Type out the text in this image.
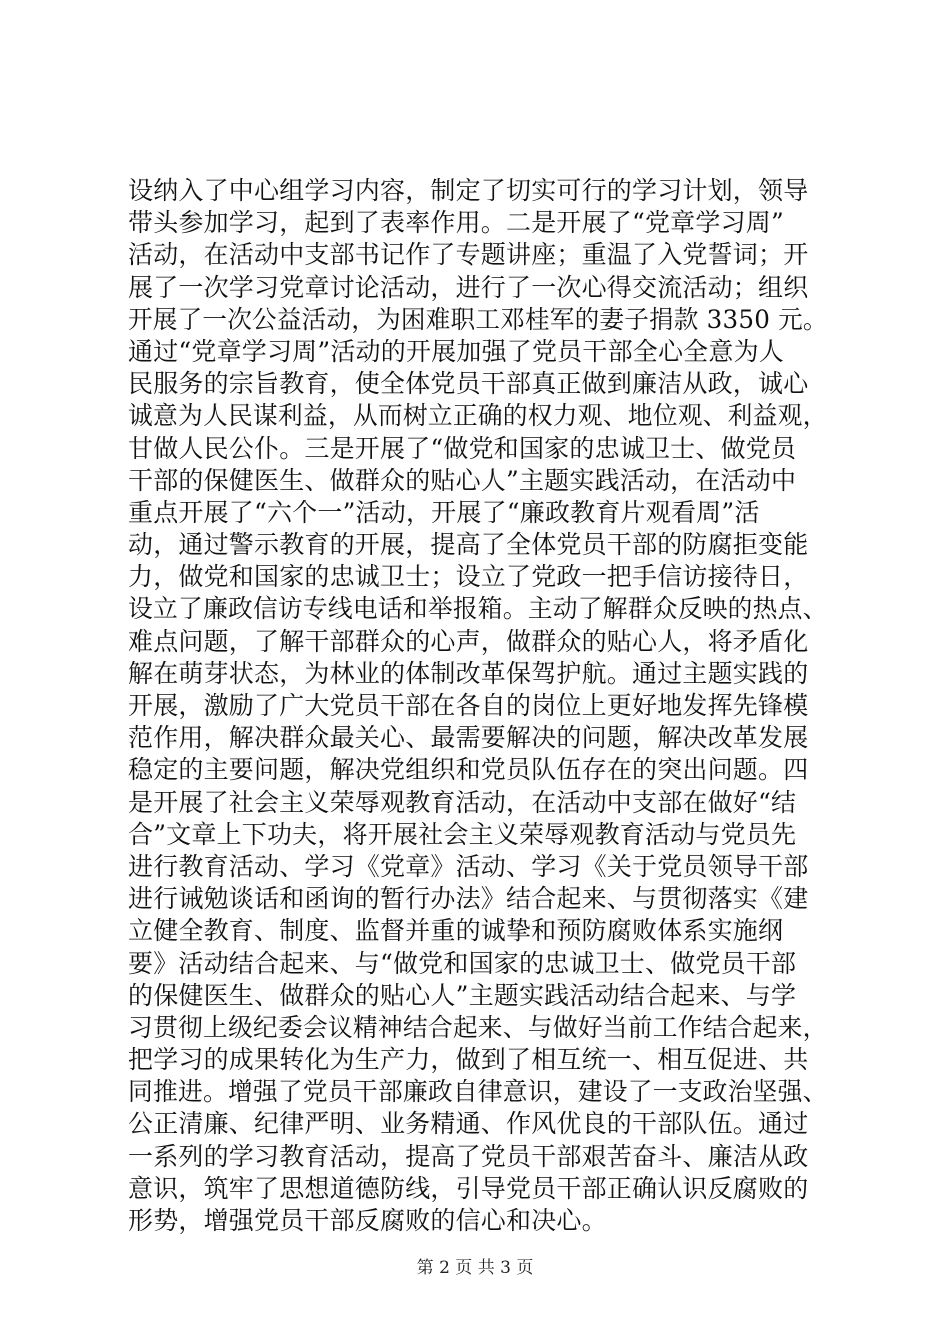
设纳入了中心组学习内容，制定了切实可行的学习计划，领导
带头参加学习，起到了表率作用。二是开展了“党章学习周”
活动，在活动中支部书记作了专题讲座；重温了入党誓词；开
展了一次学习党章讨论活动，进行了一次心得交流活动；组织
开展了一次公益活动，为困难职工邓桂军的妻子捐款 3350 元。
通过“党章学习周”活动的开展加强了党员干部全心全意为人
民服务的宗旨教育，使全体党员干部真正做到廉洁从政，诚心
诚意为人民谋利益，从而树立正确的权力观、地位观、利益观，
甘做人民公仆。三是开展了“做党和国家的忠诚卫士、做党员
干部的保健医生、做群众的贴心人”主题实践活动，在活动中
重点开展了“六个一”活动，开展了“廉政教育片观看周”活
动，通过警示教育的开展，提高了全体党员干部的防腐拒变能
力，做党和国家的忠诚卫士；设立了党政一把手信访接待日，
设立了廉政信访专线电话和举报箱。主动了解群众反映的热点、
难点问题，了解干部群众的心声，做群众的贴心人，将矛盾化
解在萌芽状态，为林业的体制改革保驾护航。通过主题实践的
开展，激励了广大党员干部在各自的岗位上更好地发挥先锋模
范作用，解决群众最关心、最需要解决的问题，解决改革发展
稳定的主要问题，解决党组织和党员队伍存在的突出问题。四
是开展了社会主义荣辱观教育活动，在活动中支部在做好“结
合”文章上下功夫，将开展社会主义荣辱观教育活动与党员先
进行教育活动、学习《党章》活动、学习《关于党员领导干部
进行诫勉谈话和函询的暂行办法》结合起来、与贯彻落实《建
立健全教育、制度、监督并重的诚挚和预防腐败体系实施纲
要》活动结合起来、与“做党和国家的忠诚卫士、做党员干部
的保健医生、做群众的贴心人”主题实践活动结合起来、与学
习贯彻上级纪委会议精神结合起来、与做好当前工作结合起来，
把学习的成果转化为生产力，做到了相互统一、相互促进、共
同推进。增强了党员干部廉政自律意识，建设了一支政治坚强、
公正清廉、纪律严明、业务精通、作风优良的干部队伍。通过
一系列的学习教育活动，提高了党员干部艰苦奋斗、廉洁从政
意识，筑牢了思想道德防线，引导党员干部正确认识反腐败的
形势，增强党员干部反腐败的信心和决心。
第 2 页 共 3 页
